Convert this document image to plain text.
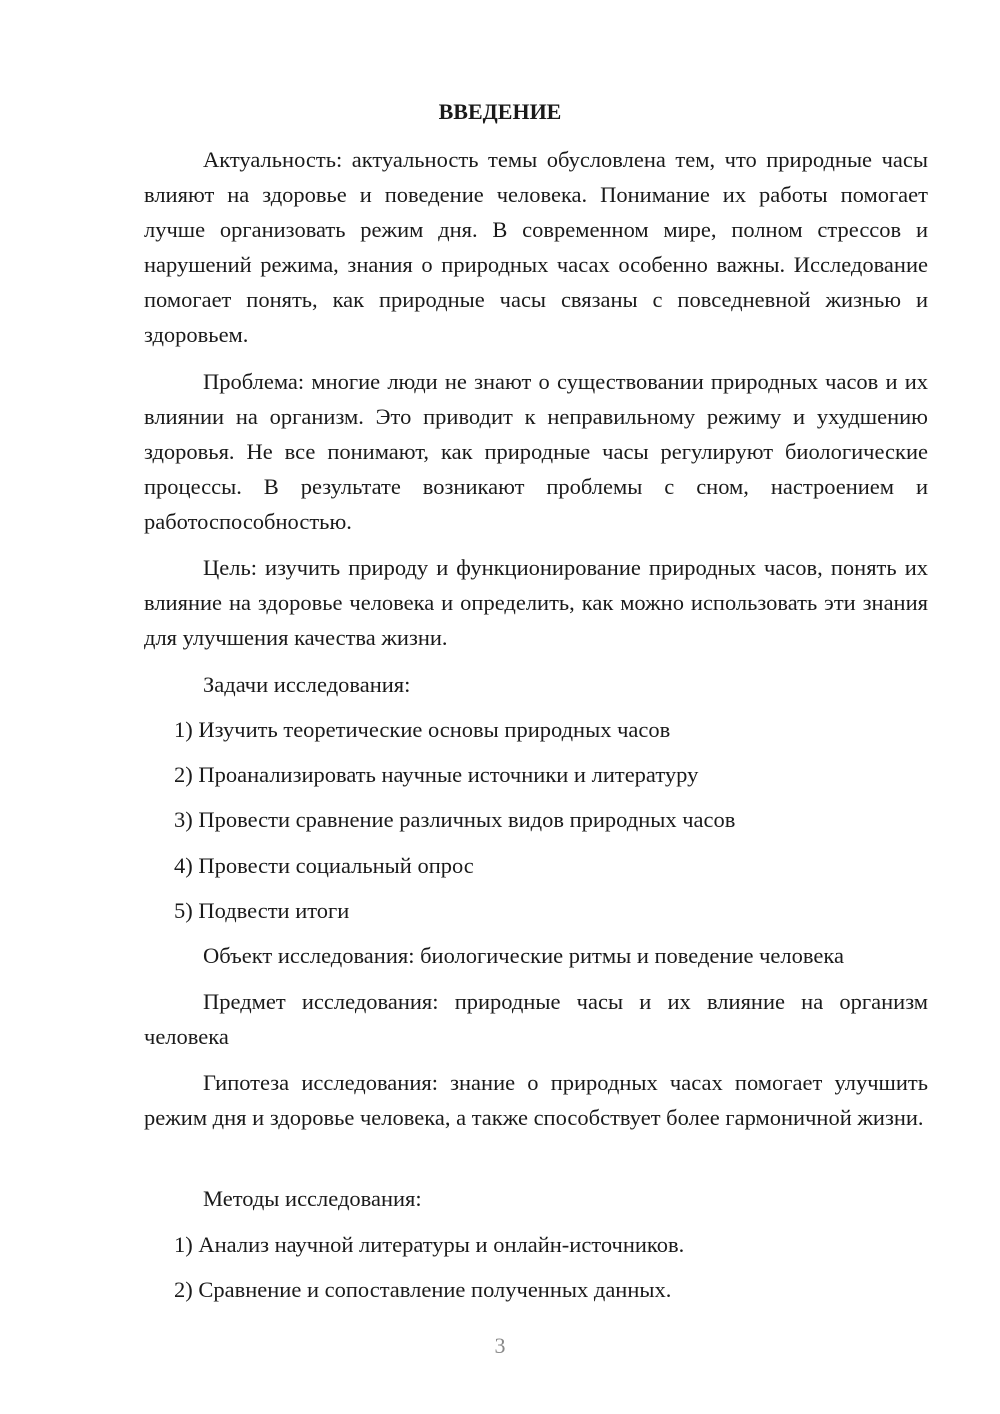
ВВЕДЕНИЕ

Актуальность: актуальность темы обусловлена тем, что природные часы влияют на здоровье и поведение человека. Понимание их работы помогает лучше организовать режим дня. В современном мире, полном стрессов и нарушений режима, знания о природных часах особенно важны. Исследование помогает понять, как природные часы связаны с повседневной жизнью и здоровьем.

Проблема: многие люди не знают о существовании природных часов и их влиянии на организм. Это приводит к неправильному режиму и ухудшению здоровья. Не все понимают, как природные часы регулируют биологические процессы. В результате возникают проблемы с сном, настроением и работоспособностью.

Цель: изучить природу и функционирование природных часов, понять их влияние на здоровье человека и определить, как можно использовать эти знания для улучшения качества жизни.

Задачи исследования:

1) Изучить теоретические основы природных часов

2) Проанализировать научные источники и литературу

3) Провести сравнение различных видов природных часов

4) Провести социальный опрос

5) Подвести итоги

Объект исследования: биологические ритмы и поведение человека

Предмет исследования: природные часы и их влияние на организм человека

Гипотеза исследования: знание о природных часах помогает улучшить режим дня и здоровье человека, а также способствует более гармоничной жизни.

Методы исследования:

1) Анализ научной литературы и онлайн-источников.

2) Сравнение и сопоставление полученных данных.

3
